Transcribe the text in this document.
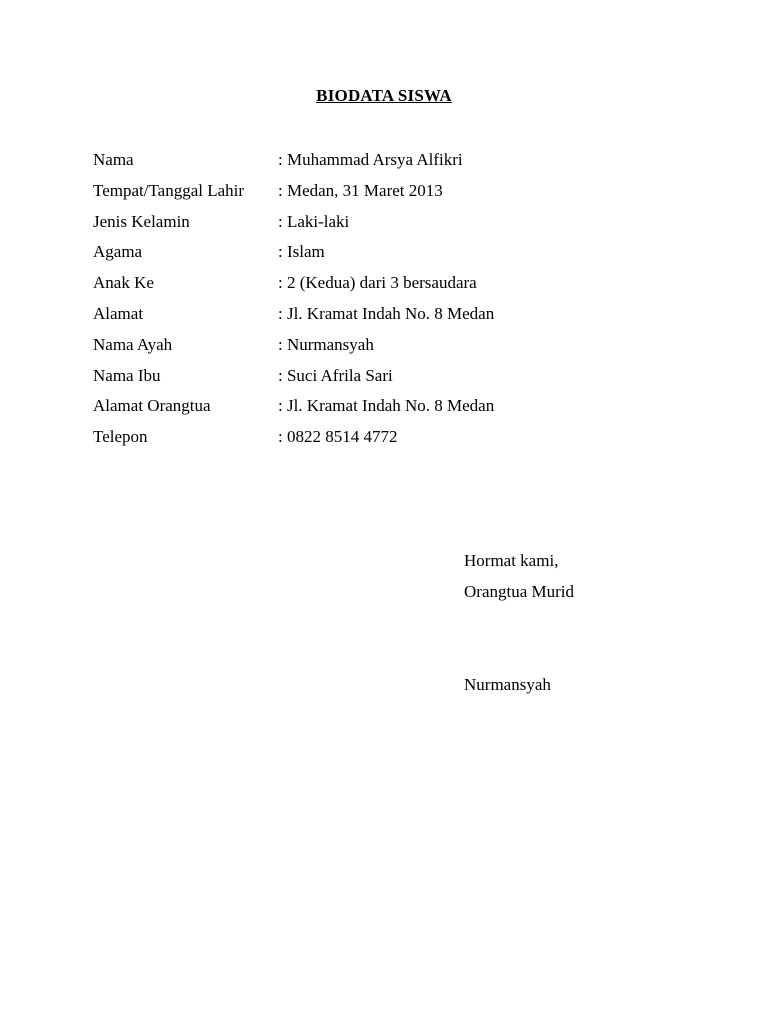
BIODATA SISWA
Nama	: Muhammad Arsya Alfikri
Tempat/Tanggal Lahir	: Medan, 31 Maret 2013
Jenis Kelamin	: Laki-laki
Agama	: Islam
Anak Ke	: 2 (Kedua) dari 3 bersaudara
Alamat	: Jl. Kramat Indah No. 8 Medan
Nama Ayah	: Nurmansyah
Nama Ibu	: Suci Afrila Sari
Alamat Orangtua	: Jl. Kramat Indah No. 8 Medan
Telepon	: 0822 8514 4772
Hormat kami,
Orangtua Murid
Nurmansyah
